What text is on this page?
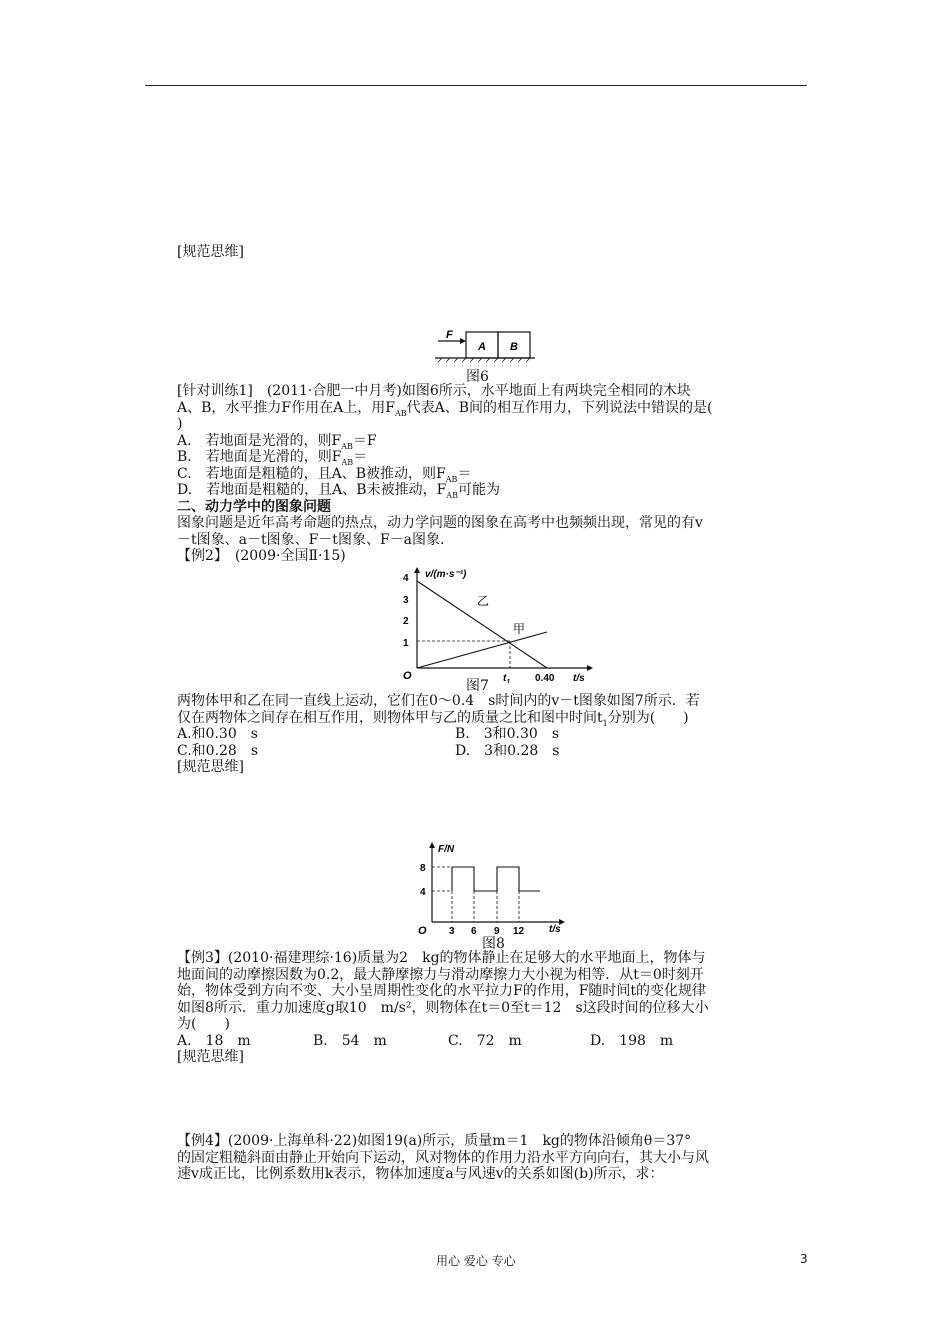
[规范思维]
F
A B
图6
[针对训练1]　(2011·合肥一中月考)如图6所示，水平地面上有两块完全相同的木块
A、B，水平推力F作用在A上，用$F_{AB}$代表A、B间的相互作用力，下列说法中错误的是(
)
A.　若地面是光滑的，则$F_{AB}=F$
B.　若地面是光滑的，则$F_{AB}=$
C.　若地面是粗糙的，且A、B被推动，则$F_{AB}=$
D.　若地面是粗糙的，且A、B未被推动，$F_{AB}$可能为
二、动力学中的图象问题
图象问题是近年高考命题的热点，动力学问题的图象在高考中也频频出现，常见的有v
－t图象、a－t图象、F－t图象、F－a图象.
【例2】　(2009·全国Ⅱ·15)
v/(m·s⁻¹)
t/s
O
1
2
3
4
乙
甲
$t_1$ 0.40
图7
两物体甲和乙在同一直线上运动，它们在0～0.4　s时间内的v－t图象如图7所示．若
仅在两物体之间存在相互作用，则物体甲与乙的质量之比和图中时间$t_1$分别为(　　)
A.和0.30　s	B.　3和0.30　s
C.和0.28　s	D.　3和0.28　s
[规范思维]
F/N
t/s
O
4
8
3 6 9 12
图8
【例3】(2010·福建理综·16)质量为2　kg的物体静止在足够大的水平地面上，物体与
地面间的动摩擦因数为0.2，最大静摩擦力与滑动摩擦力大小视为相等．从t＝0时刻开
始，物体受到方向不变、大小呈周期性变化的水平拉力F的作用，F随时间t的变化规律
如图8所示．重力加速度g取10　m/s²，则物体在t＝0至t＝12　s这段时间的位移大小
为(　　)
A.　18　m	B.　54　m	C.　72　m	D.　198　m
[规范思维]
【例4】(2009·上海单科·22)如图19(a)所示，质量m＝1　kg的物体沿倾角θ＝37°
的固定粗糙斜面由静止开始向下运动，风对物体的作用力沿水平方向向右，其大小与风
速v成正比，比例系数用k表示，物体加速度a与风速v的关系如图(b)所示，求：
用心 爱心 专心	3
